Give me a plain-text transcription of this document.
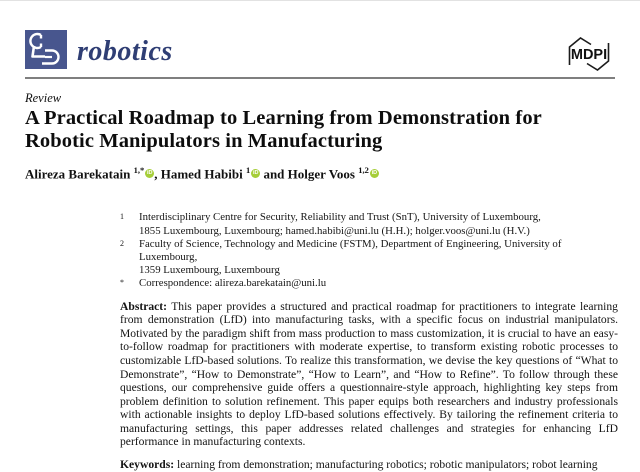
robotics	MDPI
Review
A Practical Roadmap to Learning from Demonstration for
Robotic Manipulators in Manufacturing
Alireza Barekatain $^{1,*}$ iD , Hamed Habibi $^1$ iD and Holger Voos $^{1,2}$ iD
1	Interdisciplinary Centre for Security, Reliability and Trust (SnT), University of Luxembourg,
1855 Luxembourg, Luxembourg; hamed.habibi@uni.lu (H.H.); holger.voos@uni.lu (H.V.)
2	Faculty of Science, Technology and Medicine (FSTM), Department of Engineering, University of Luxembourg,
1359 Luxembourg, Luxembourg
*	Correspondence: alireza.barekatain@uni.lu

Abstract: This paper provides a structured and practical roadmap for practitioners to integrate learning from demonstration (LfD) into manufacturing tasks, with a specific focus on industrial manipulators. Motivated by the paradigm shift from mass production to mass customization, it is crucial to have an easy-to-follow roadmap for practitioners with moderate expertise, to transform existing robotic processes to customizable LfD-based solutions. To realize this transformation, we devise the key questions of “What to Demonstrate”, “How to Demonstrate”, “How to Learn”, and “How to Refine”. To follow through these questions, our comprehensive guide offers a questionnaire-style approach, highlighting key steps from problem definition to solution refinement. This paper equips both researchers and industry professionals with actionable insights to deploy LfD-based solutions effectively. By tailoring the refinement criteria to manufacturing settings, this paper addresses related challenges and strategies for enhancing LfD performance in manufacturing contexts.

Keywords: learning from demonstration; manufacturing robotics; robotic manipulators; robot learning
